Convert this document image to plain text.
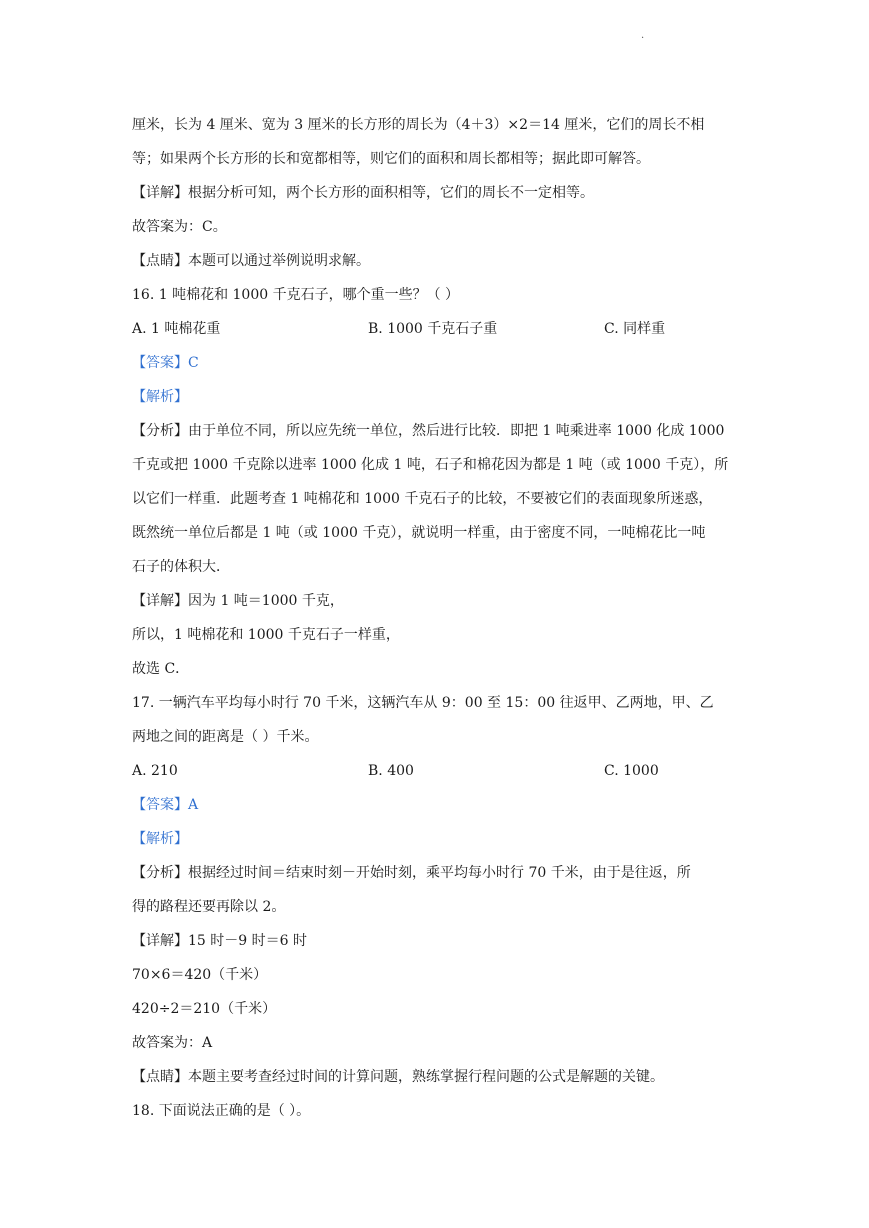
.
厘米，长为 4 厘米、宽为 3 厘米的长方形的周长为（4＋3）×2＝14 厘米，它们的周长不相
等；如果两个长方形的长和宽都相等，则它们的面积和周长都相等；据此即可解答。
【详解】根据分析可知，两个长方形的面积相等，它们的周长不一定相等。
故答案为：C。
【点睛】本题可以通过举例说明求解。
16. 1 吨棉花和 1000 千克石子，哪个重一些？（ ）
A. 1 吨棉花重	B. 1000 千克石子重	C. 同样重
【答案】C
【解析】
【分析】由于单位不同，所以应先统一单位，然后进行比较．即把 1 吨乘进率 1000 化成 1000
千克或把 1000 千克除以进率 1000 化成 1 吨，石子和棉花因为都是 1 吨（或 1000 千克），所
以它们一样重．此题考查 1 吨棉花和 1000 千克石子的比较，不要被它们的表面现象所迷惑，
既然统一单位后都是 1 吨（或 1000 千克），就说明一样重，由于密度不同，一吨棉花比一吨
石子的体积大．
【详解】因为 1 吨＝1000 千克，
所以，1 吨棉花和 1000 千克石子一样重，
故选 C．
17. 一辆汽车平均每小时行 70 千米，这辆汽车从 9：00 至 15：00 往返甲、乙两地，甲、乙
两地之间的距离是（ ）千米。
A. 210	B. 400	C. 1000
【答案】A
【解析】
【分析】根据经过时间＝结束时刻－开始时刻，乘平均每小时行 70 千米，由于是往返，所
得的路程还要再除以 2。
【详解】15 时－9 时＝6 时
70×6＝420（千米）
420÷2＝210（千米）
故答案为：A
【点睛】本题主要考查经过时间的计算问题，熟练掌握行程问题的公式是解题的关键。
18. 下面说法正确的是（ ）。
